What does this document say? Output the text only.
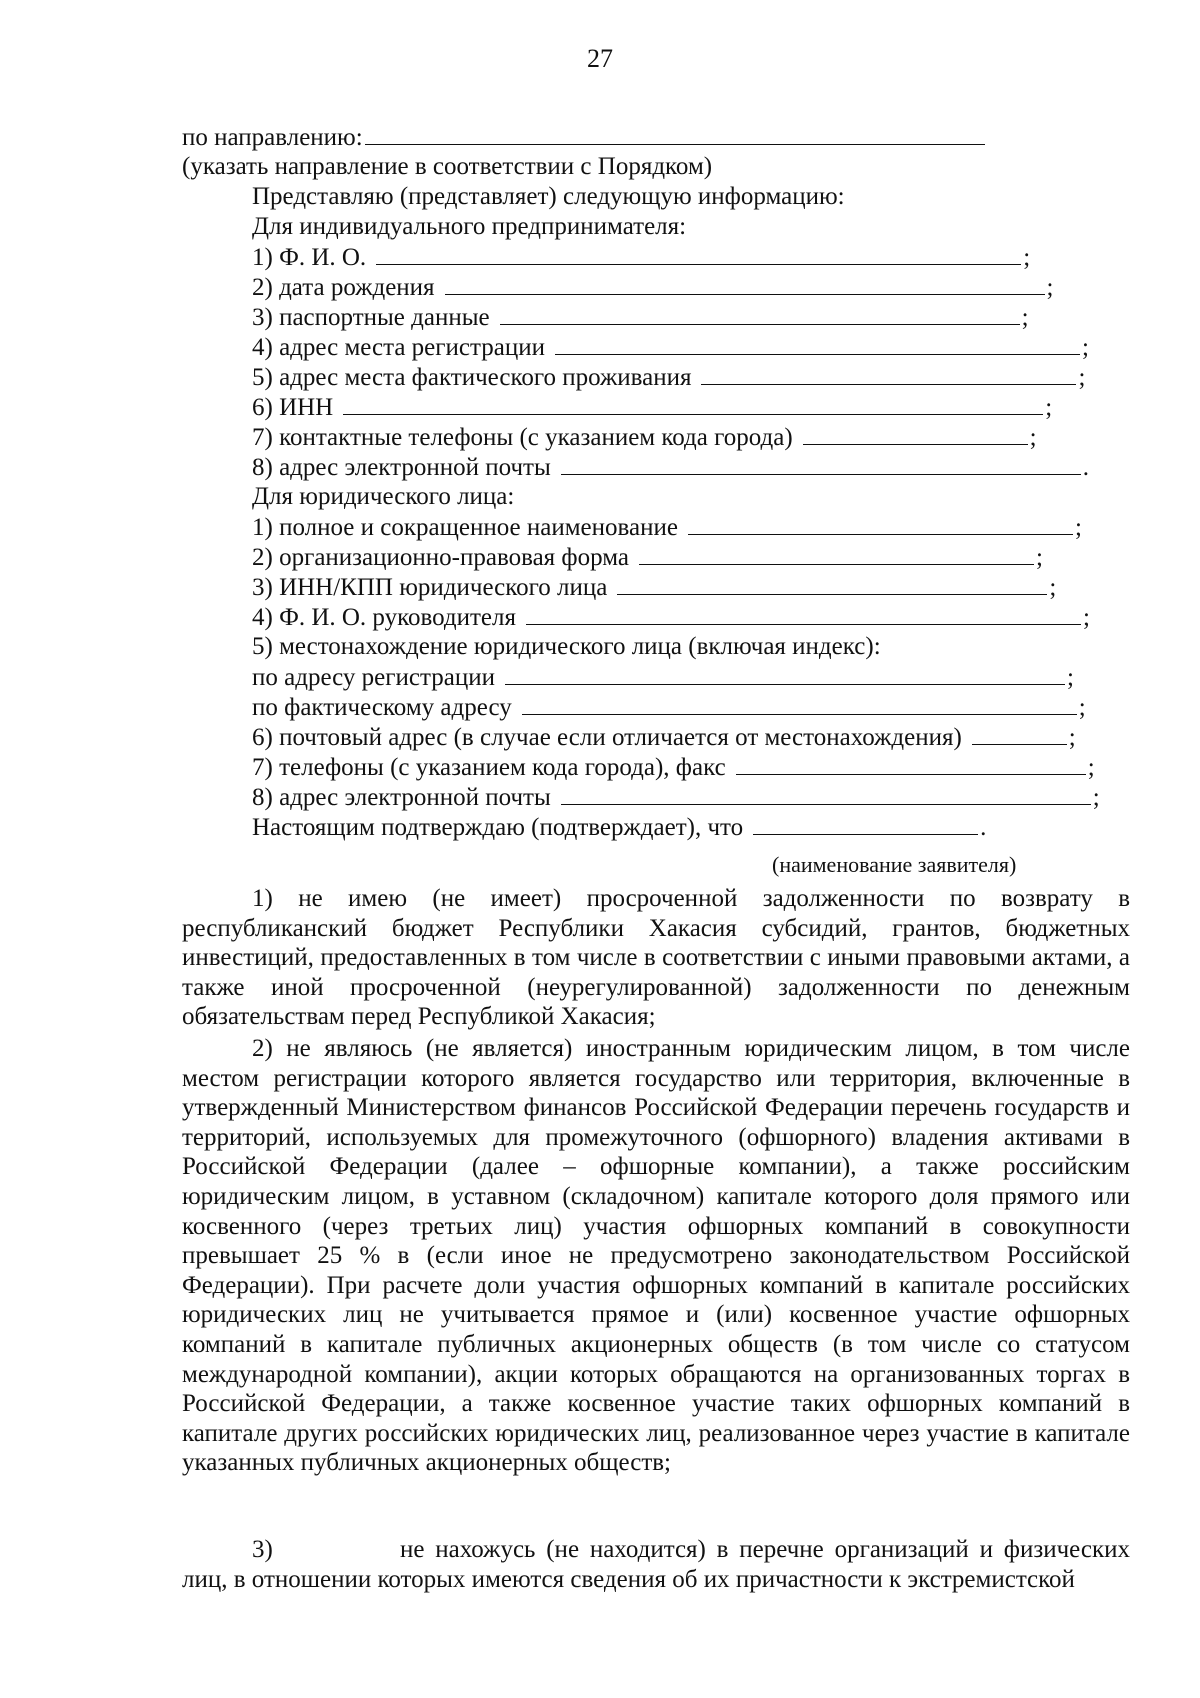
27
по направлению:
(указать направление в соответствии с Порядком)
Представляю (представляет) следующую информацию:
Для индивидуального предпринимателя:
1) Ф. И. О.	;
2) дата рождения	;
3) паспортные данные	;
4) адрес места регистрации	;
5) адрес места фактического проживания	;
6) ИНН	;
7) контактные телефоны (с указанием кода города)	;
8) адрес электронной почты	.
Для юридического лица:
1) полное и сокращенное наименование	;
2) организационно-правовая форма	;
3) ИНН/КПП юридического лица	;
4) Ф. И. О. руководителя	;
5) местонахождение юридического лица (включая индекс):
по адресу регистрации	;
по фактическому адресу	;
6) почтовый адрес (в случае если отличается от местонахождения)	;
7) телефоны (с указанием кода города), факс	;
8) адрес электронной почты	;
Настоящим подтверждаю (подтверждает), что	.
(наименование заявителя)
1) не имею (не имеет) просроченной задолженности по возврату в республиканский бюджет Республики Хакасия субсидий, грантов, бюджетных инвестиций, предоставленных в том числе в соответствии с иными правовыми актами, а также иной просроченной (неурегулированной) задолженности по денежным обязательствам перед Республикой Хакасия;
2) не являюсь (не является) иностранным юридическим лицом, в том числе местом регистрации которого является государство или территория, включенные в утвержденный Министерством финансов Российской Федерации перечень государств и территорий, используемых для промежуточного (офшорного) владения активами в Российской Федерации (далее – офшорные компании), а также российским юридическим лицом, в уставном (складочном) капитале которого доля прямого или косвенного (через третьих лиц) участия офшорных компаний в совокупности превышает 25 % в (если иное не предусмотрено законодательством Российской Федерации). При расчете доли участия офшорных компаний в капитале российских юридических лиц не учитывается прямое и (или) косвенное участие офшорных компаний в капитале публичных акционерных обществ (в том числе со статусом международной компании), акции которых обращаются на организованных торгах в Российской Федерации, а также косвенное участие таких офшорных компаний в капитале других российских юридических лиц, реализованное через участие в капитале указанных публичных акционерных обществ;
3)	не нахожусь (не находится) в перечне организаций и физических лиц, в отношении которых имеются сведения об их причастности к экстремистской
